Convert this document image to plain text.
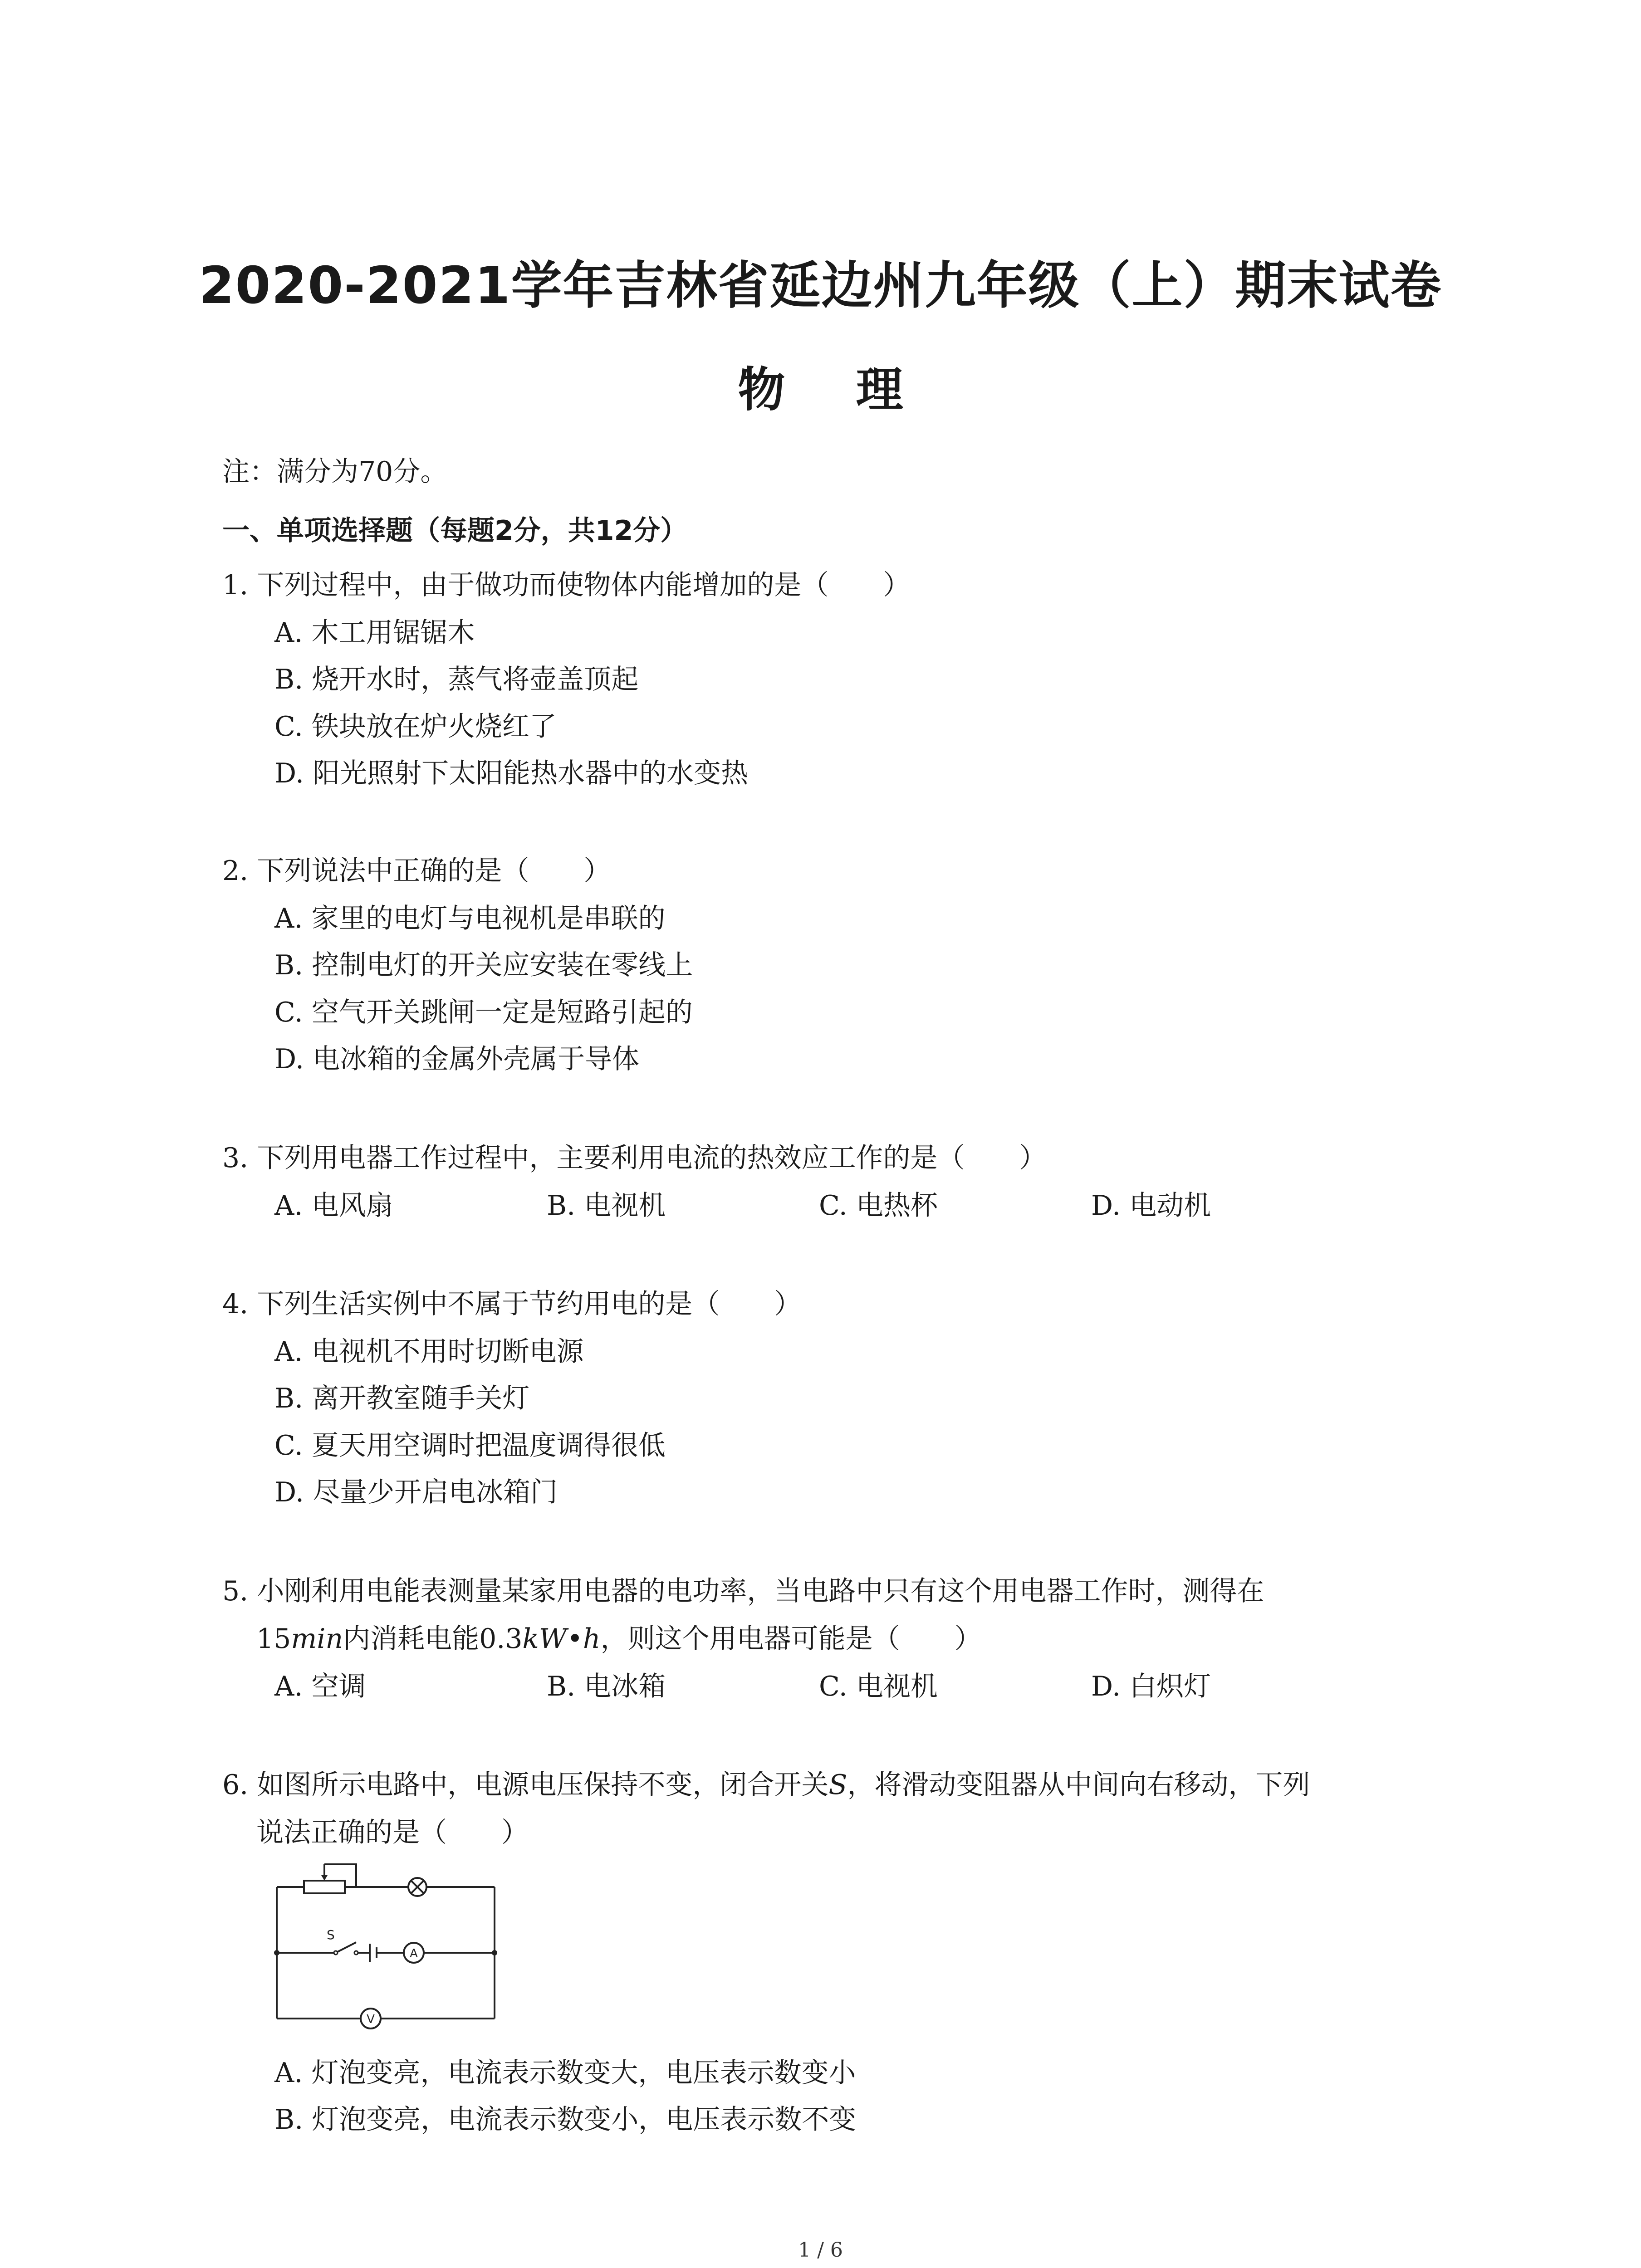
2020-2021学年吉林省延边州九年级（上）期末试卷
物 理
注：满分为70分。
一、单项选择题（每题2分，共12分）
1. 下列过程中，由于做功而使物体内能增加的是（　　）
A. 木工用锯锯木
B. 烧开水时，蒸气将壶盖顶起
C. 铁块放在炉火烧红了
D. 阳光照射下太阳能热水器中的水变热
2. 下列说法中正确的是（　　）
A. 家里的电灯与电视机是串联的
B. 控制电灯的开关应安装在零线上
C. 空气开关跳闸一定是短路引起的
D. 电冰箱的金属外壳属于导体
3. 下列用电器工作过程中，主要利用电流的热效应工作的是（　　）
A. 电风扇	B. 电视机	C. 电热杯	D. 电动机
4. 下列生活实例中不属于节约用电的是（　　）
A. 电视机不用时切断电源
B. 离开教室随手关灯
C. 夏天用空调时把温度调得很低
D. 尽量少开启电冰箱门
5. 小刚利用电能表测量某家用电器的电功率，当电路中只有这个用电器工作时，测得在
15min内消耗电能0.3kW•h，则这个用电器可能是（　　）
A. 空调	B. 电冰箱	C. 电视机	D. 白炽灯
6. 如图所示电路中，电源电压保持不变，闭合开关S，将滑动变阻器从中间向右移动，下列
说法正确的是（　　）
S
A
V
A. 灯泡变亮，电流表示数变大，电压表示数变小
B. 灯泡变亮，电流表示数变小，电压表示数不变
1 / 6
